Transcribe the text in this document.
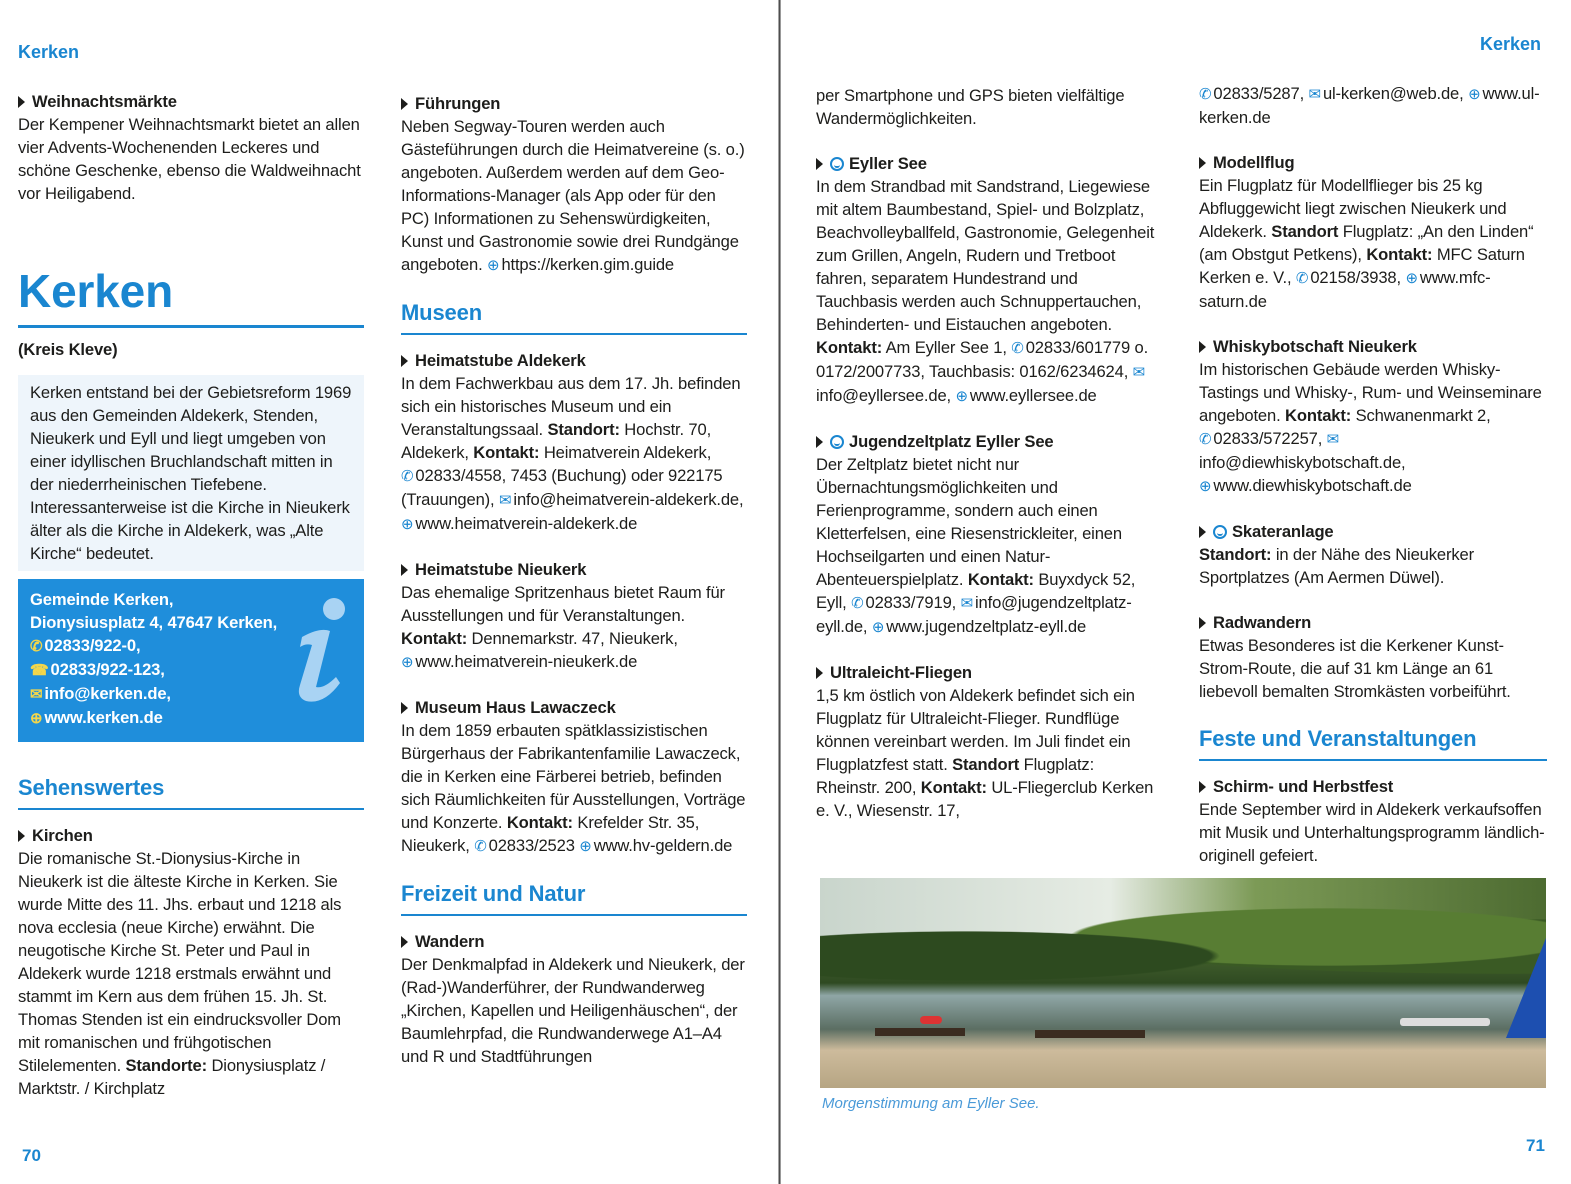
Kerken	Kerken
Weihnachtsmärkte
Der Kempener Weihnachtsmarkt bietet an allen vier Advents-Wochenenden Leckeres und schöne Geschenke, ebenso die Waldweihnacht vor Heiligabend.
Kerken
(Kreis Kleve)
Kerken entstand bei der Gebietsreform 1969 aus den Gemeinden Aldekerk, Stenden, Nieukerk und Eyll und liegt umgeben von einer idyllischen Bruchlandschaft mitten in der niederrheinischen Tiefebene. Interessanterweise ist die Kirche in Nieukerk älter als die Kirche in Aldekerk, was „Alte Kirche“ bedeutet.
Gemeinde Kerken,
Dionysiusplatz 4, 47647 Kerken,
✆ 02833/922-0,
☎ 02833/922-123,
✉ info@kerken.de,
⊕ www.kerken.de
Sehenswertes
Kirchen
Die romanische St.-Dionysius-Kirche in Nieukerk ist die älteste Kirche in Kerken. Sie wurde Mitte des 11. Jhs. erbaut und 1218 als nova ecclesia (neue Kirche) erwähnt. Die neugotische Kirche St. Peter und Paul in Aldekerk wurde 1218 erstmals erwähnt und stammt im Kern aus dem frühen 15. Jh. St. Thomas Stenden ist ein eindrucksvoller Dom mit romanischen und frühgotischen Stilelementen. Standorte: Dionysiusplatz / Marktstr. / Kirchplatz
Führungen
Neben Segway-Touren werden auch Gästeführungen durch die Heimatvereine (s. o.) angeboten. Außerdem werden auf dem Geo-Informations-Manager (als App oder für den PC) Informationen zu Sehenswürdigkeiten, Kunst und Gastronomie sowie drei Rundgänge angeboten. ⊕ https://kerken.gim.guide
Museen
Heimatstube Aldekerk
In dem Fachwerkbau aus dem 17. Jh. befinden sich ein historisches Museum und ein Veranstaltungssaal. Standort: Hochstr. 70, Aldekerk, Kontakt: Heimatverein Aldekerk, ✆ 02833/4558, 7453 (Buchung) oder 922175 (Trauungen), ✉ info@heimatverein-aldekerk.de, ⊕ www.heimatverein-aldekerk.de
Heimatstube Nieukerk
Das ehemalige Spritzenhaus bietet Raum für Ausstellungen und für Veranstaltungen. Kontakt: Dennemarkstr. 47, Nieukerk, ⊕ www.heimatverein-nieukerk.de
Museum Haus Lawaczeck
In dem 1859 erbauten spätklassizistischen Bürgerhaus der Fabrikantenfamilie Lawaczeck, die in Kerken eine Färberei betrieb, befinden sich Räumlichkeiten für Ausstellungen, Vorträge und Konzerte. Kontakt: Krefelder Str. 35, Nieukerk, ✆ 02833/2523 ⊕ www.hv-geldern.de
Freizeit und Natur
Wandern
Der Denkmalpfad in Aldekerk und Nieukerk, der (Rad-)Wanderführer, der Rundwanderweg „Kirchen, Kapellen und Heiligenhäuschen“, der Baumlehrpfad, die Rundwanderwege A1–A4 und R und Stadtführungen
per Smartphone und GPS bieten vielfältige Wandermöglichkeiten.
Eyller See
In dem Strandbad mit Sandstrand, Liegewiese mit altem Baumbestand, Spiel- und Bolzplatz, Beachvolleyballfeld, Gastronomie, Gelegenheit zum Grillen, Angeln, Rudern und Tretboot fahren, separatem Hundestrand und Tauchbasis werden auch Schnuppertauchen, Behinderten- und Eistauchen angeboten. Kontakt: Am Eyller See 1, ✆ 02833/601779 o. 0172/2007733, Tauchbasis: 0162/6234624, ✉info@eyllersee.de, ⊕ www.eyllersee.de
Jugendzeltplatz Eyller See
Der Zeltplatz bietet nicht nur Übernachtungsmöglichkeiten und Ferienprogramme, sondern auch einen Kletterfelsen, eine Riesenstrickleiter, einen Hochseilgarten und einen Natur-Abenteuerspielplatz. Kontakt: Buyxdyck 52, Eyll, ✆ 02833/7919, ✉ info@jugendzeltplatz-eyll.de, ⊕ www.jugendzeltplatz-eyll.de
Ultraleicht-Fliegen
1,5 km östlich von Aldekerk befindet sich ein Flugplatz für Ultraleicht-Flieger. Rundflüge können vereinbart werden. Im Juli findet ein Flugplatzfest statt. Standort Flugplatz: Rheinstr. 200, Kontakt: UL-Fliegerclub Kerken e. V., Wiesenstr. 17,
✆ 02833/5287, ✉ ul-kerken@web.de, ⊕ www.ul-kerken.de
Modellflug
Ein Flugplatz für Modellflieger bis 25 kg Abfluggewicht liegt zwischen Nieukerk und Aldekerk. Standort Flugplatz: „An den Linden“ (am Obstgut Petkens), Kontakt: MFC Saturn Kerken e. V., ✆ 02158/3938, ⊕ www.mfc-saturn.de
Whiskybotschaft Nieukerk
Im historischen Gebäude werden Whisky-Tastings und Whisky-, Rum- und Weinseminare angeboten. Kontakt: Schwanenmarkt 2, ✆ 02833/572257, ✉info@diewhiskybotschaft.de, ⊕ www.diewhiskybotschaft.de
Skateranlage
Standort: in der Nähe des Nieukerker Sportplatzes (Am Aermen Düwel).
Radwandern
Etwas Besonderes ist die Kerkener Kunst-Strom-Route, die auf 31 km Länge an 61 liebevoll bemalten Stromkästen vorbeiführt.
Feste und Veranstaltungen
Schirm- und Herbstfest
Ende September wird in Aldekerk verkaufsoffen mit Musik und Unterhaltungsprogramm ländlich-originell gefeiert.
Morgenstimmung am Eyller See.
70
71
